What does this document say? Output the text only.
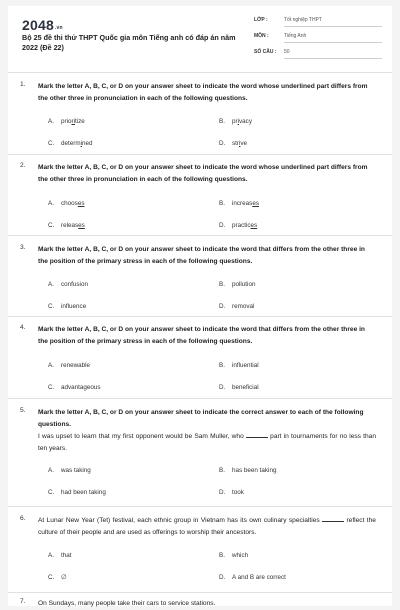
2048.vn
Bộ 25 đề thi thử THPT Quốc gia môn Tiếng anh có đáp án năm 2022 (Đề 22)
LỚP :	Tốt nghiệp THPT
MÔN :	Tiếng Anh
SỐ CÂU : 50
1. Mark the letter A, B, C, or D on your answer sheet to indicate the word whose underlined part differs from the other three in pronunciation in each of the following questions.
A. prioritize	B. privacy
C. determined	D. strive
2. Mark the letter A, B, C, or D on your answer sheet to indicate the word whose underlined part differs from the other three in pronunciation in each of the following questions.
A. chooses	B. increases
C. releases	D. practices
3. Mark the letter A, B, C, or D on your answer sheet to indicate the word that differs from the other three in the position of the primary stress in each of the following questions.
A. confusion	B. pollution
C. influence	D. removal
4. Mark the letter A, B, C, or D on your answer sheet to indicate the word that differs from the other three in the position of the primary stress in each of the following questions.
A. renewable	B. influential
C. advantageous	D. beneficial
5. Mark the letter A, B, C, or D on your answer sheet to indicate the correct answer to each of the following questions.
I was upset to learn that my first opponent would be Sam Muller, who	part in tournaments for no less than ten years.
A. was taking	B. has been taking
C. had been taking	D. took
6. At Lunar New Year (Tet) festival, each ethnic group in Vietnam has its own culinary specialties	reflect the culture of their people and are used as offerings to worship their ancestors.
A. that	B. which
C. ∅	D. A and B are correct
7. On Sundays, many people take their cars to service stations.
